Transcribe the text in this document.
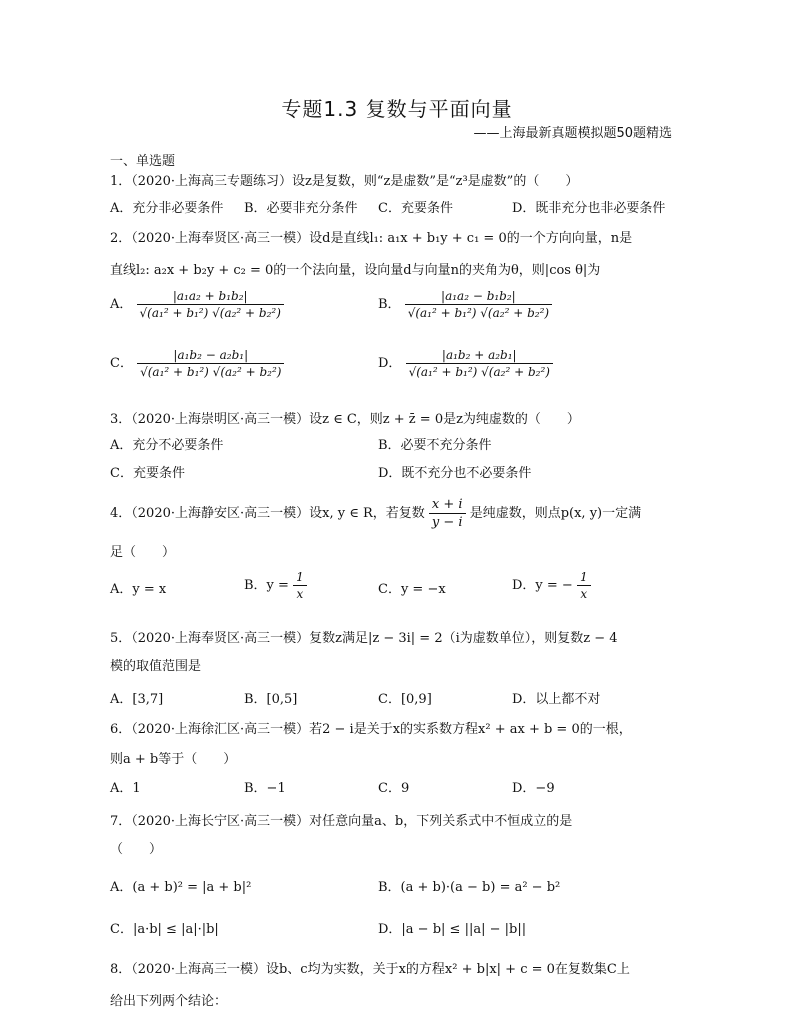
专题1.3 复数与平面向量
——上海最新真题模拟题50题精选
一、单选题
1．（2020·上海高三专题练习）设z是复数，则“z是虚数”是“z³是虚数”的（　　）
A．充分非必要条件 B．必要非充分条件 C．充要条件	D．既非充分也非必要条件
2．（2020·上海奉贤区·高三一模）设d是直线l₁: a₁x + b₁y + c₁ = 0的一个方向向量，n是
直线l₂: a₂x + b₂y + c₂ = 0的一个法向量，设向量d与向量n的夹角为θ，则|cos θ|为
A． $\frac{\text{|a₁a₂ + b₁b₂|}}{\text{√(a₁² + b₁²) √(a₂² + b₂²)}}$	B． $\frac{\text{|a₁a₂ − b₁b₂|}}{\text{√(a₁² + b₁²) √(a₂² + b₂²)}}$
C． $\frac{\text{|a₁b₂ − a₂b₁|}}{\text{√(a₁² + b₁²) √(a₂² + b₂²)}}$	D． $\frac{\text{|a₁b₂ + a₂b₁|}}{\text{√(a₁² + b₁²) √(a₂² + b₂²)}}$
3．（2020·上海崇明区·高三一模）设z ∈ C，则z + z̄ = 0是z为纯虚数的（　　）
A．充分不必要条件	B．必要不充分条件
C．充要条件	D．既不充分也不必要条件
4．（2020·上海静安区·高三一模）设x, y ∈ R，若复数 $\frac{x + i}{y - i}$ 是纯虚数，则点p(x, y)一定满
足（　　）
A．y = x	B．$y = \frac{1}{x}$	C．y = −x	D．y = − $\frac{1}{x}$
5．（2020·上海奉贤区·高三一模）复数z满足|z − 3i| = 2（i为虚数单位），则复数z − 4
模的取值范围是
A．[3,7]	B．[0,5]	C．[0,9]	D．以上都不对
6．（2020·上海徐汇区·高三一模）若2 − i是关于x的实系数方程x² + ax + b = 0的一根，
则a + b等于（　　）
A．1	B．−1	C．9	D．−9
7．（2020·上海长宁区·高三一模）对任意向量a、b，下列关系式中不恒成立的是
（　　）
A．(a + b)² = |a + b|²	B．(a + b)·(a − b) = a² − b²
C．|a·b| ≤ |a|·|b|	D．|a − b| ≤ ||a| − |b||
8．（2020·上海高三一模）设b、c均为实数，关于x的方程x² + b|x| + c = 0在复数集C上
给出下列两个结论：
